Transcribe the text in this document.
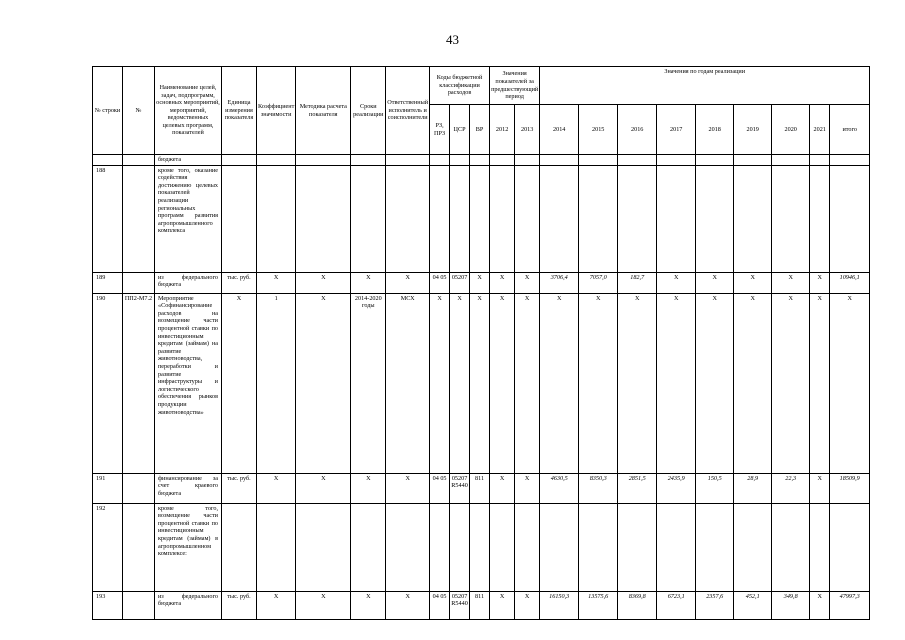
43
№ строки	№	Наименование целей, задач, подпрограмм, основных мероприятий, мероприятий, ведомственных целевых программ, показателей	Единица измерения показателя	Коэффициент значимости	Методика расчета показателя	Сроки реализации	Ответственный исполнитель и соисполнители	Коды бюджетной классификации расходов			Значения показателей за предшествующий период		Значения по годам реализации								
								РЗ, ПРЗ	ЦСР	ВР	2012	2013	2014	2015	2016	2017	2018	2019	2020	2021	итого
		бюджета																			
188		кроме того, оказание содействия достижению целевых показателей реализации региональных программ развития агропромышленного комплекса																			
189		из федерального бюджета	тыс. руб.	Х	Х	Х	Х	04 05	05207	Х	Х	Х	3706,4	7057,0	182,7	Х	Х	Х	Х	Х	10946,1
190	ПП2-М7.2	Мероприятие «Софинансирование расходов на возмещение части процентной ставки по инвестиционным кредитам (займам) на развитие животноводства, переработки и развитие инфраструктуры и логистического обеспечения рынков продукции животноводства»	Х	1	Х	2014-2020 годы	МСХ	Х	Х	Х	Х	Х	Х	Х	Х	Х	Х	Х	Х	Х	Х
191		финансирование за счет краевого бюджета	тыс. руб.	Х	Х	Х	Х	04 05	05207 R5440	811	Х	Х	4630,5	8350,3	2851,5	2435,9	150,5	28,9	22,3	Х	18509,9
192		кроме того, возмещение части процентной ставки по инвестиционным кредитам (займам) в агропромышленном комплексе:																			
193		из федерального бюджета	тыс. руб.	Х	Х	Х	Х	04 05	05207 R5440	811	Х	Х	16150,3	13575,6	8369,8	6723,1	2357,6	452,1	349,8	Х	47997,3
